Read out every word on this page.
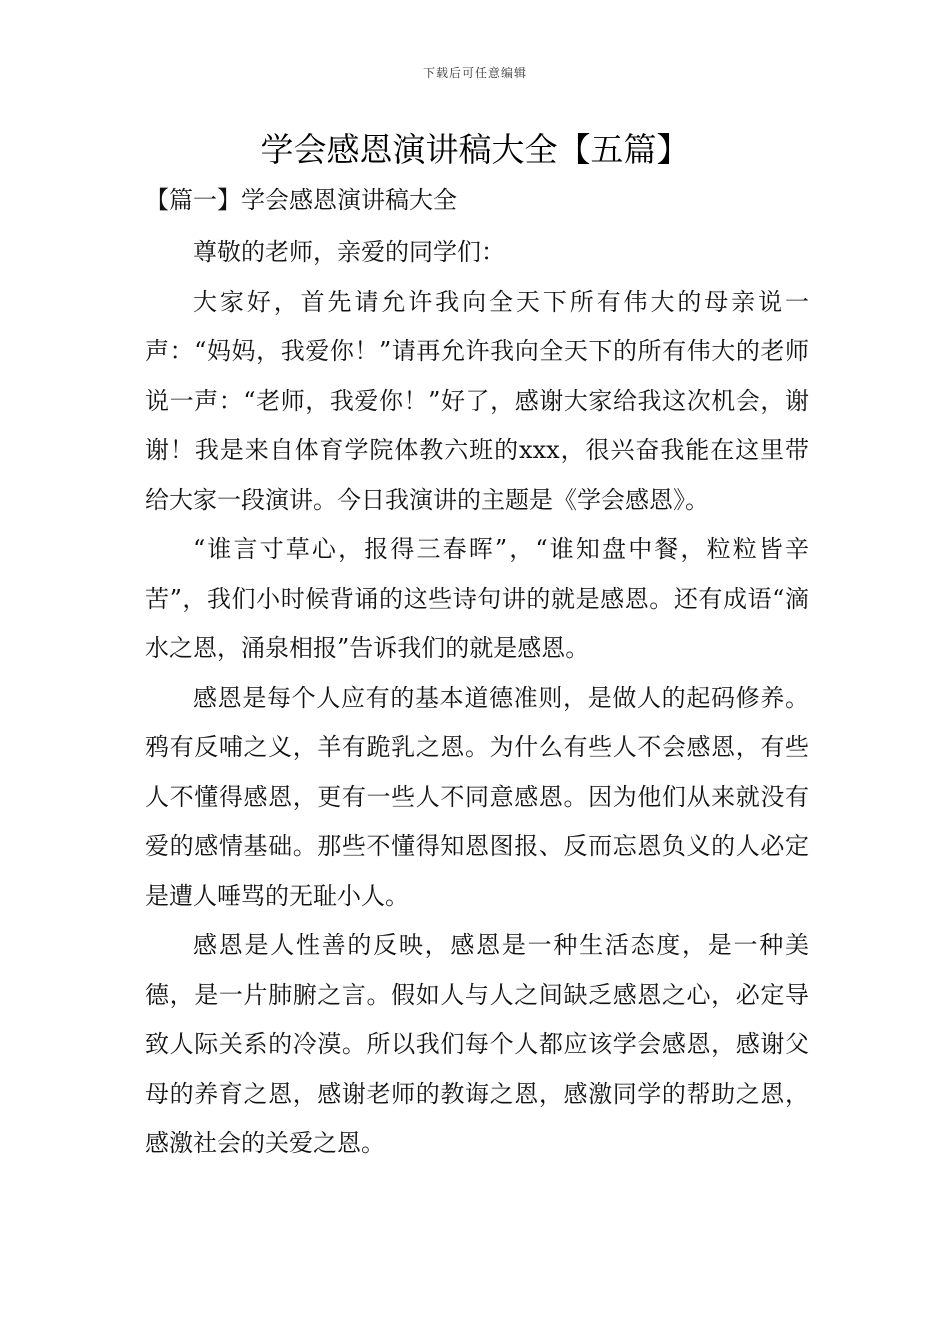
下载后可任意编辑
学会感恩演讲稿大全【五篇】
【篇一】学会感恩演讲稿大全

尊敬的老师，亲爱的同学们：

大家好，首先请允许我向全天下所有伟大的母亲说一声：“妈妈，我爱你！”请再允许我向全天下的所有伟大的老师说一声：“老师，我爱你！”好了，感谢大家给我这次机会，谢谢！我是来自体育学院体教六班的xxx，很兴奋我能在这里带给大家一段演讲。今日我演讲的主题是《学会感恩》。

“谁言寸草心，报得三春晖”，“谁知盘中餐，粒粒皆辛苦”，我们小时候背诵的这些诗句讲的就是感恩。还有成语“滴水之恩，涌泉相报”告诉我们的就是感恩。

感恩是每个人应有的基本道德准则，是做人的起码修养。鸦有反哺之义，羊有跪乳之恩。为什么有些人不会感恩，有些人不懂得感恩，更有一些人不同意感恩。因为他们从来就没有爱的感情基础。那些不懂得知恩图报、反而忘恩负义的人必定是遭人唾骂的无耻小人。

感恩是人性善的反映，感恩是一种生活态度，是一种美德，是一片肺腑之言。假如人与人之间缺乏感恩之心，必定导致人际关系的冷漠。所以我们每个人都应该学会感恩，感谢父母的养育之恩，感谢老师的教诲之恩，感激同学的帮助之恩，感激社会的关爱之恩。
